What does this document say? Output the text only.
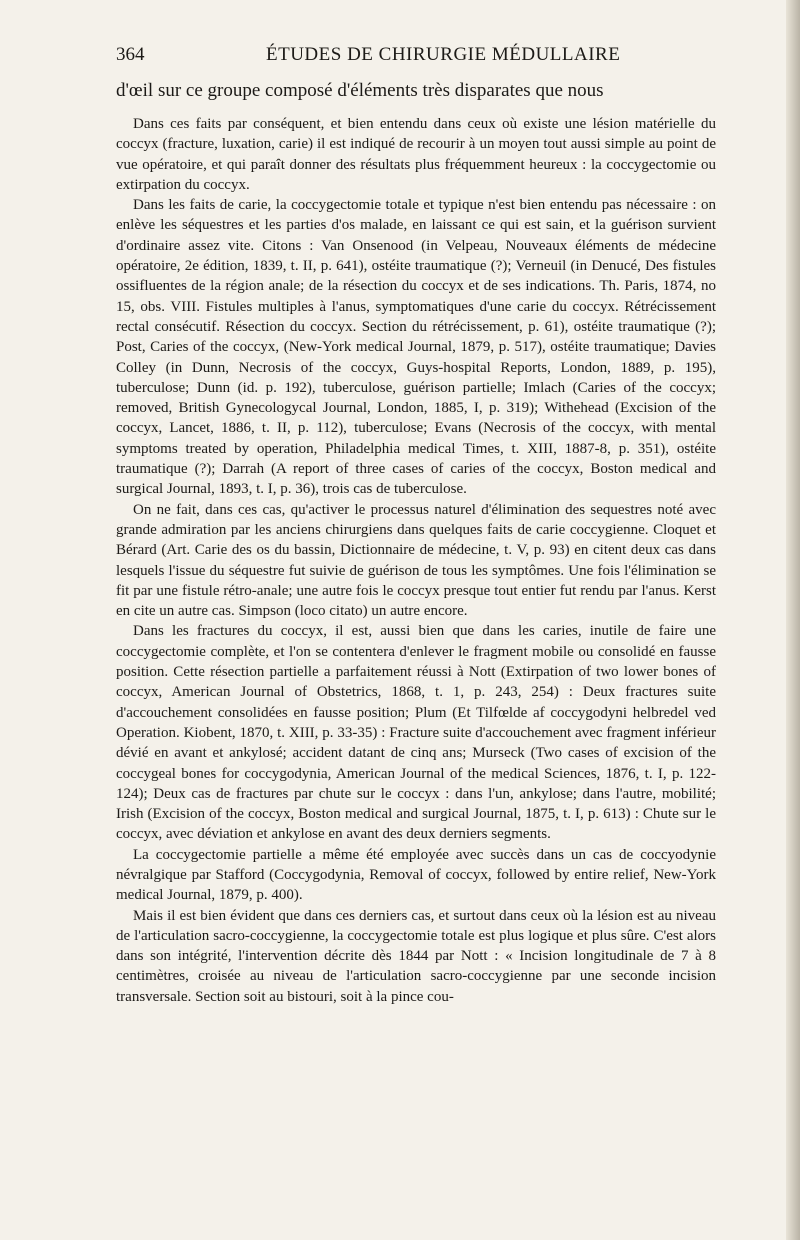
364	ÉTUDES DE CHIRURGIE MÉDULLAIRE

d'œil sur ce groupe composé d'éléments très disparates que nous

Dans ces faits par conséquent, et bien entendu dans ceux où existe une lésion matérielle du coccyx (fracture, luxation, carie) il est indiqué de recourir à un moyen tout aussi simple au point de vue opératoire, et qui paraît donner des résultats plus fréquemment heureux : la coccygectomie ou extirpation du coccyx.

Dans les faits de carie, la coccygectomie totale et typique n'est bien entendu pas nécessaire : on enlève les séquestres et les parties d'os malade, en laissant ce qui est sain, et la guérison survient d'ordinaire assez vite. Citons : Van Onsenood (in Velpeau, Nouveaux éléments de médecine opératoire, 2e édition, 1839, t. II, p. 641), ostéite traumatique (?); Verneuil (in Denucé, Des fistules ossifluentes de la région anale; de la résection du coccyx et de ses indications. Th. Paris, 1874, no 15, obs. VIII. Fistules multiples à l'anus, symptomatiques d'une carie du coccyx. Rétrécissement rectal consécutif. Résection du coccyx. Section du rétrécissement, p. 61), ostéite traumatique (?); Post, Caries of the coccyx, (New-York medical Journal, 1879, p. 517), ostéite traumatique; Davies Colley (in Dunn, Necrosis of the coccyx, Guys-hospital Reports, London, 1889, p. 195), tuberculose; Dunn (id. p. 192), tuberculose, guérison partielle; Imlach (Caries of the coccyx; removed, British Gynecologycal Journal, London, 1885, I, p. 319); Withehead (Excision of the coccyx, Lancet, 1886, t. II, p. 112), tuberculose; Evans (Necrosis of the coccyx, with mental symptoms treated by operation, Philadelphia medical Times, t. XIII, 1887-8, p. 351), ostéite traumatique (?); Darrah (A report of three cases of caries of the coccyx, Boston medical and surgical Journal, 1893, t. I, p. 36), trois cas de tuberculose.

On ne fait, dans ces cas, qu'activer le processus naturel d'élimination des sequestres noté avec grande admiration par les anciens chirurgiens dans quelques faits de carie coccygienne. Cloquet et Bérard (Art. Carie des os du bassin, Dictionnaire de médecine, t. V, p. 93) en citent deux cas dans lesquels l'issue du séquestre fut suivie de guérison de tous les symptômes. Une fois l'élimination se fit par une fistule rétro-anale; une autre fois le coccyx presque tout entier fut rendu par l'anus. Kerst en cite un autre cas. Simpson (loco citato) un autre encore.

Dans les fractures du coccyx, il est, aussi bien que dans les caries, inutile de faire une coccygectomie complète, et l'on se contentera d'enlever le fragment mobile ou consolidé en fausse position. Cette résection partielle a parfaitement réussi à Nott (Extirpation of two lower bones of coccyx, American Journal of Obstetrics, 1868, t. 1, p. 243, 254) : Deux fractures suite d'accouchement consolidées en fausse position; Plum (Et Tilfœlde af coccygodyni helbredel ved Operation. Kiobent, 1870, t. XIII, p. 33-35) : Fracture suite d'accouchement avec fragment inférieur dévié en avant et ankylosé; accident datant de cinq ans; Murseck (Two cases of excision of the coccygeal bones for coccygodynia, American Journal of the medical Sciences, 1876, t. I, p. 122-124); Deux cas de fractures par chute sur le coccyx : dans l'un, ankylose; dans l'autre, mobilité; Irish (Excision of the coccyx, Boston medical and surgical Journal, 1875, t. I, p. 613) : Chute sur le coccyx, avec déviation et ankylose en avant des deux derniers segments.

La coccygectomie partielle a même été employée avec succès dans un cas de coccyodynie névralgique par Stafford (Coccygodynia, Removal of coccyx, followed by entire relief, New-York medical Journal, 1879, p. 400).

Mais il est bien évident que dans ces derniers cas, et surtout dans ceux où la lésion est au niveau de l'articulation sacro-coccygienne, la coccygectomie totale est plus logique et plus sûre. C'est alors dans son intégrité, l'intervention décrite dès 1844 par Nott : « Incision longitudinale de 7 à 8 centimètres, croisée au niveau de l'articulation sacro-coccygienne par une seconde incision transversale. Section soit au bistouri, soit à la pince cou-
